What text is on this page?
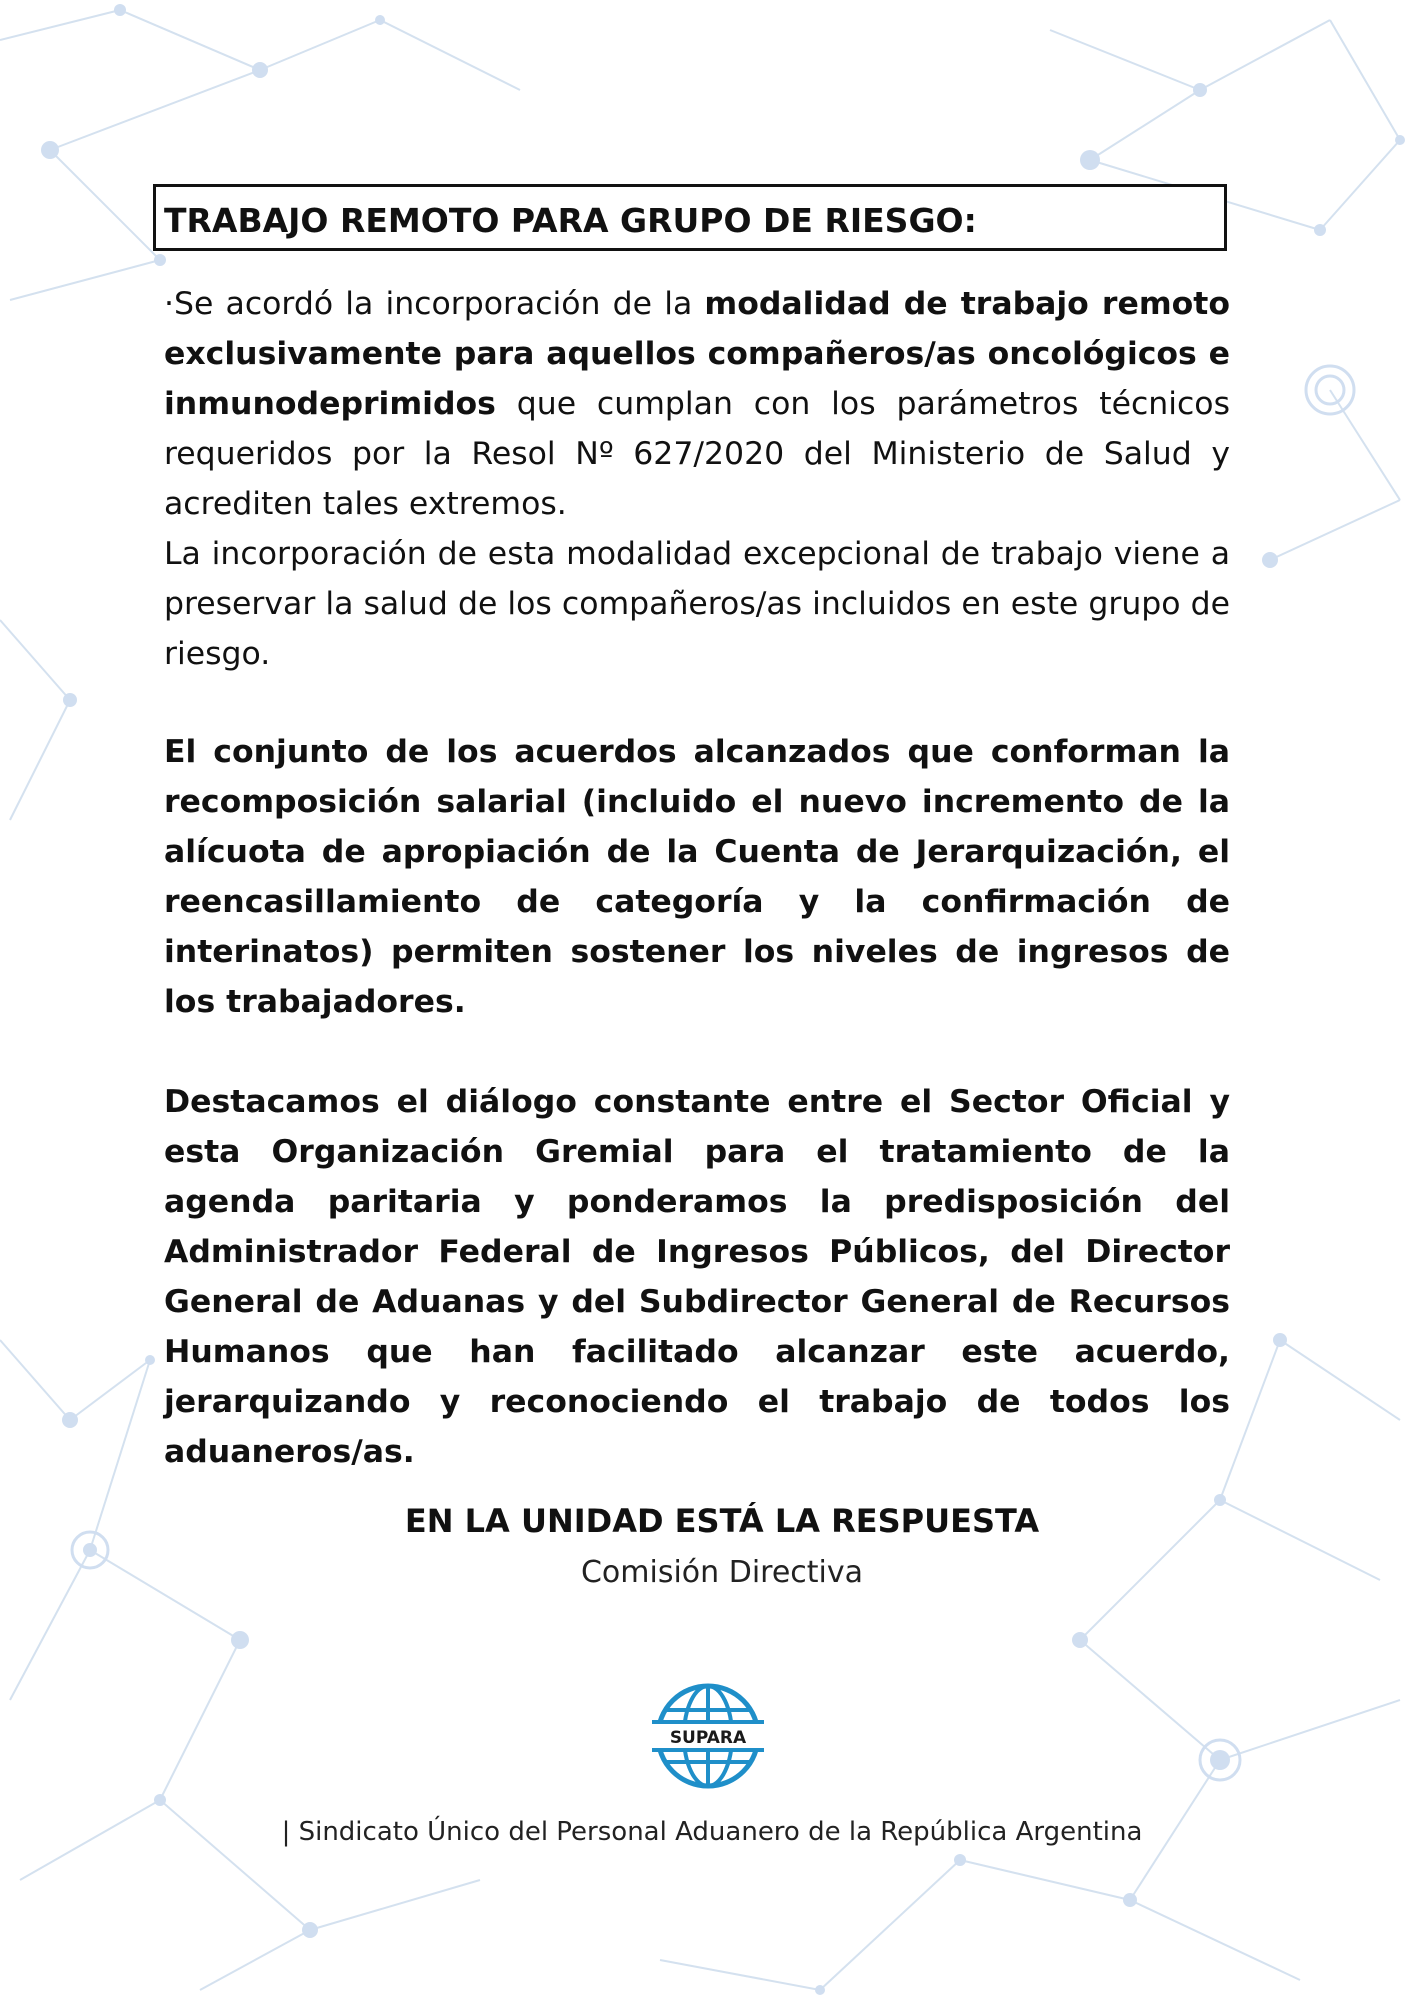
TRABAJO REMOTO PARA GRUPO DE RIESGO:

·Se acordó la incorporación de la modalidad de trabajo remoto exclusivamente para aquellos compañeros/as oncológicos e inmunodeprimidos que cumplan con los parámetros técnicos requeridos por la Resol Nº 627/2020 del Ministerio de Salud y acrediten tales extremos.

La incorporación de esta modalidad excepcional de trabajo viene a preservar la salud de los compañeros/as incluidos en este grupo de riesgo.

El conjunto de los acuerdos alcanzados que conforman la recomposición salarial (incluido el nuevo incremento de la alícuota de apropiación de la Cuenta de Jerarquización, el reencasillamiento de categoría y la confirmación de interinatos) permiten sostener los niveles de ingresos de los trabajadores.

Destacamos el diálogo constante entre el Sector Oficial y esta Organización Gremial para el tratamiento de la agenda paritaria y ponderamos la predisposición del Administrador Federal de Ingresos Públicos, del Director General de Aduanas y del Subdirector General de Recursos Humanos que han facilitado alcanzar este acuerdo, jerarquizando y reconociendo el trabajo de todos los aduaneros/as.

EN LA UNIDAD ESTÁ LA RESPUESTA
Comisión Directiva
SUPARA
| Sindicato Único del Personal Aduanero de la República Argentina
